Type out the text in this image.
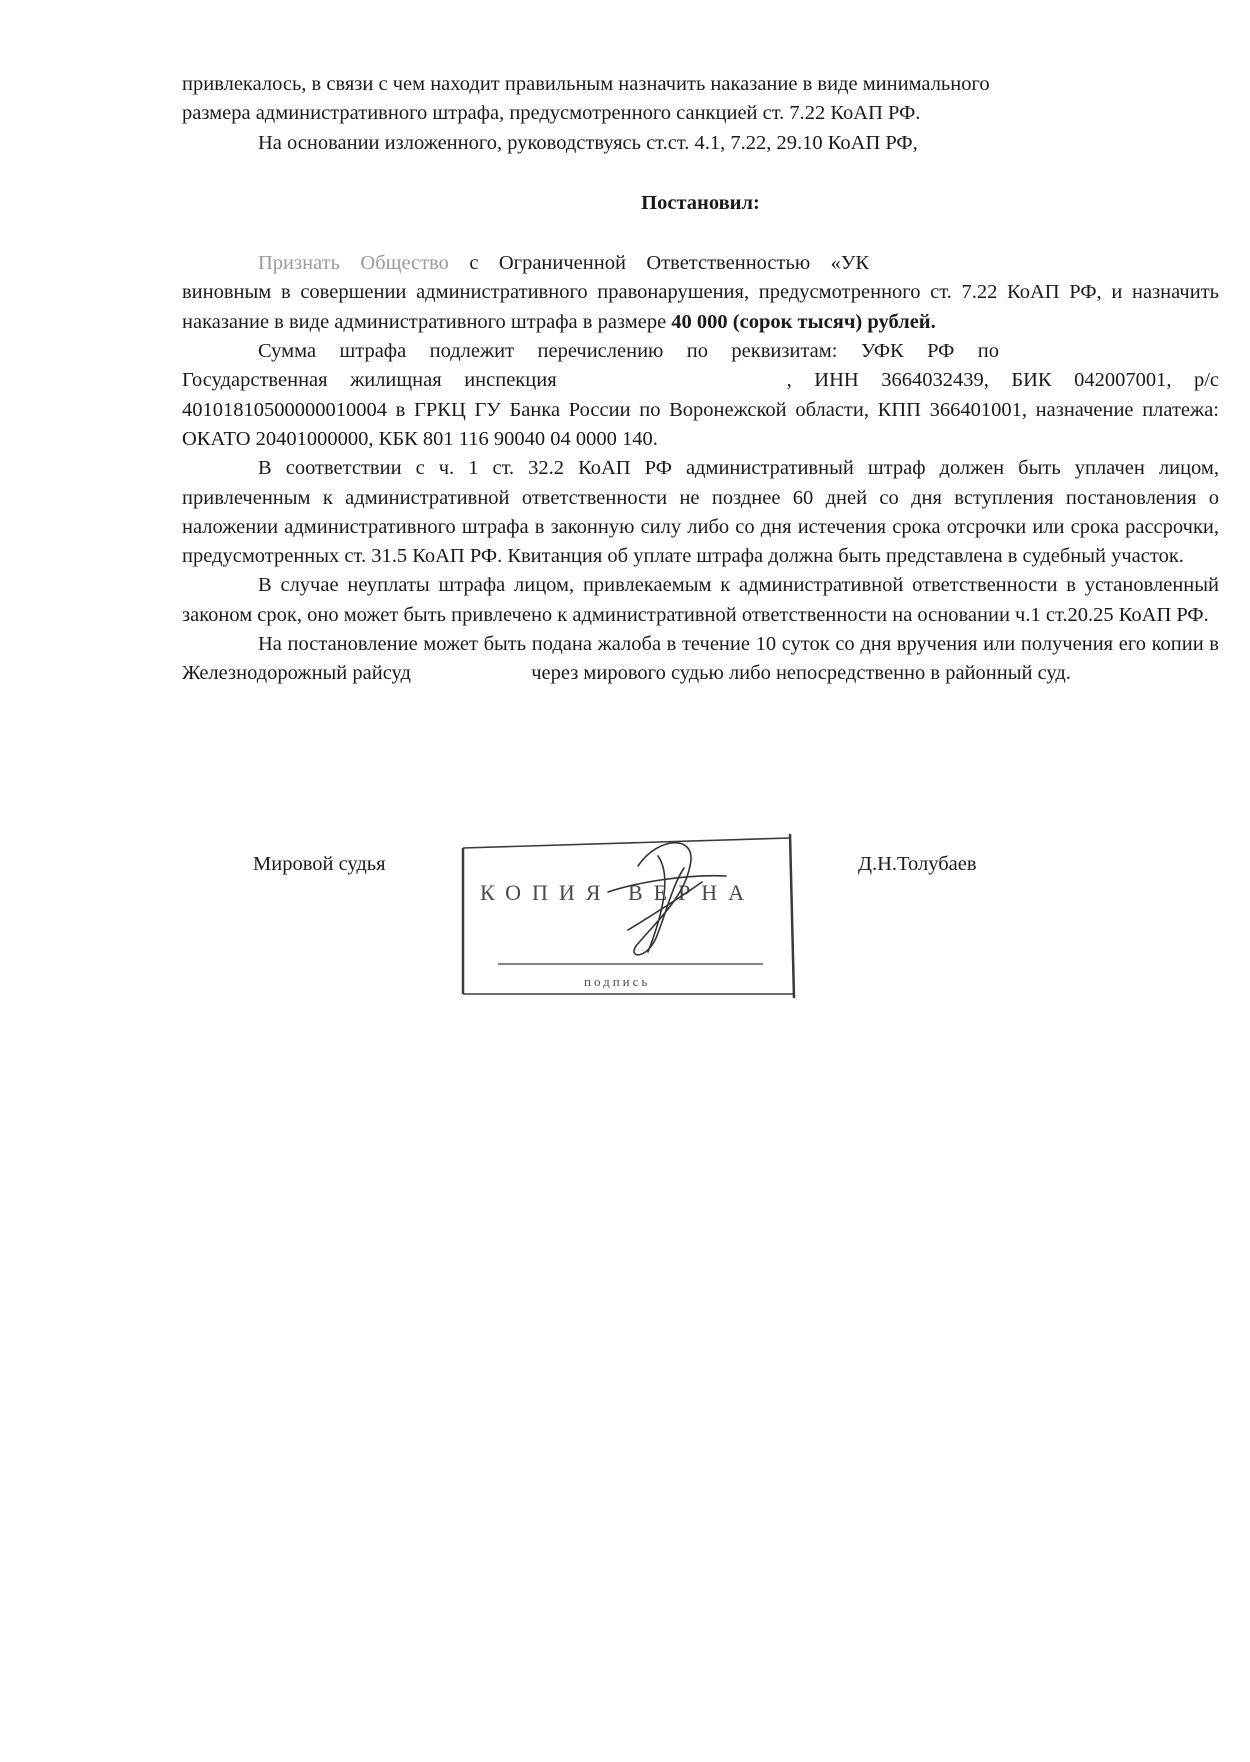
привлекалось, в связи с чем находит правильным назначить наказание в виде минимального
размера административного штрафа, предусмотренного санкцией ст. 7.22 КоАП РФ.

На основании изложенного, руководствуясь ст.ст. 4.1, 7.22, 29.10 КоАП РФ,

Постановил:

Признать Общество с Ограниченной Ответственностью «УК виновным в совершении административного правонарушения, предусмотренного ст. 7.22 КоАП РФ, и назначить наказание в виде административного штрафа в размере 40 000 (сорок тысяч) рублей.

Сумма штрафа подлежит перечислению по реквизитам: УФК РФ по Государственная жилищная инспекция	, ИНН 3664032439, БИК 042007001, р/с 40101810500000010004 в ГРКЦ ГУ Банка России по Воронежской области, КПП 366401001, назначение платежа: ОКАТО 20401000000, КБК 801 116 90040 04 0000 140.

В соответствии с ч. 1 ст. 32.2 КоАП РФ административный штраф должен быть уплачен лицом, привлеченным к административной ответственности не позднее 60 дней со дня вступления постановления о наложении административного штрафа в законную силу либо со дня истечения срока отсрочки или срока рассрочки, предусмотренных ст. 31.5 КоАП РФ. Квитанция об уплате штрафа должна быть представлена в судебный участок.

В случае неуплаты штрафа лицом, привлекаемым к административной ответственности в установленный законом срок, оно может быть привлечено к административной ответственности на основании ч.1 ст.20.25 КоАП РФ.

На постановление может быть подана жалоба в течение 10 суток со дня вручения или получения его копии в Железнодорожный райсуд	через мирового судью либо непосредственно в районный суд.

Мировой судья	Д.Н.Толубаев
КОПИЯ ВЕРНА
подпись
